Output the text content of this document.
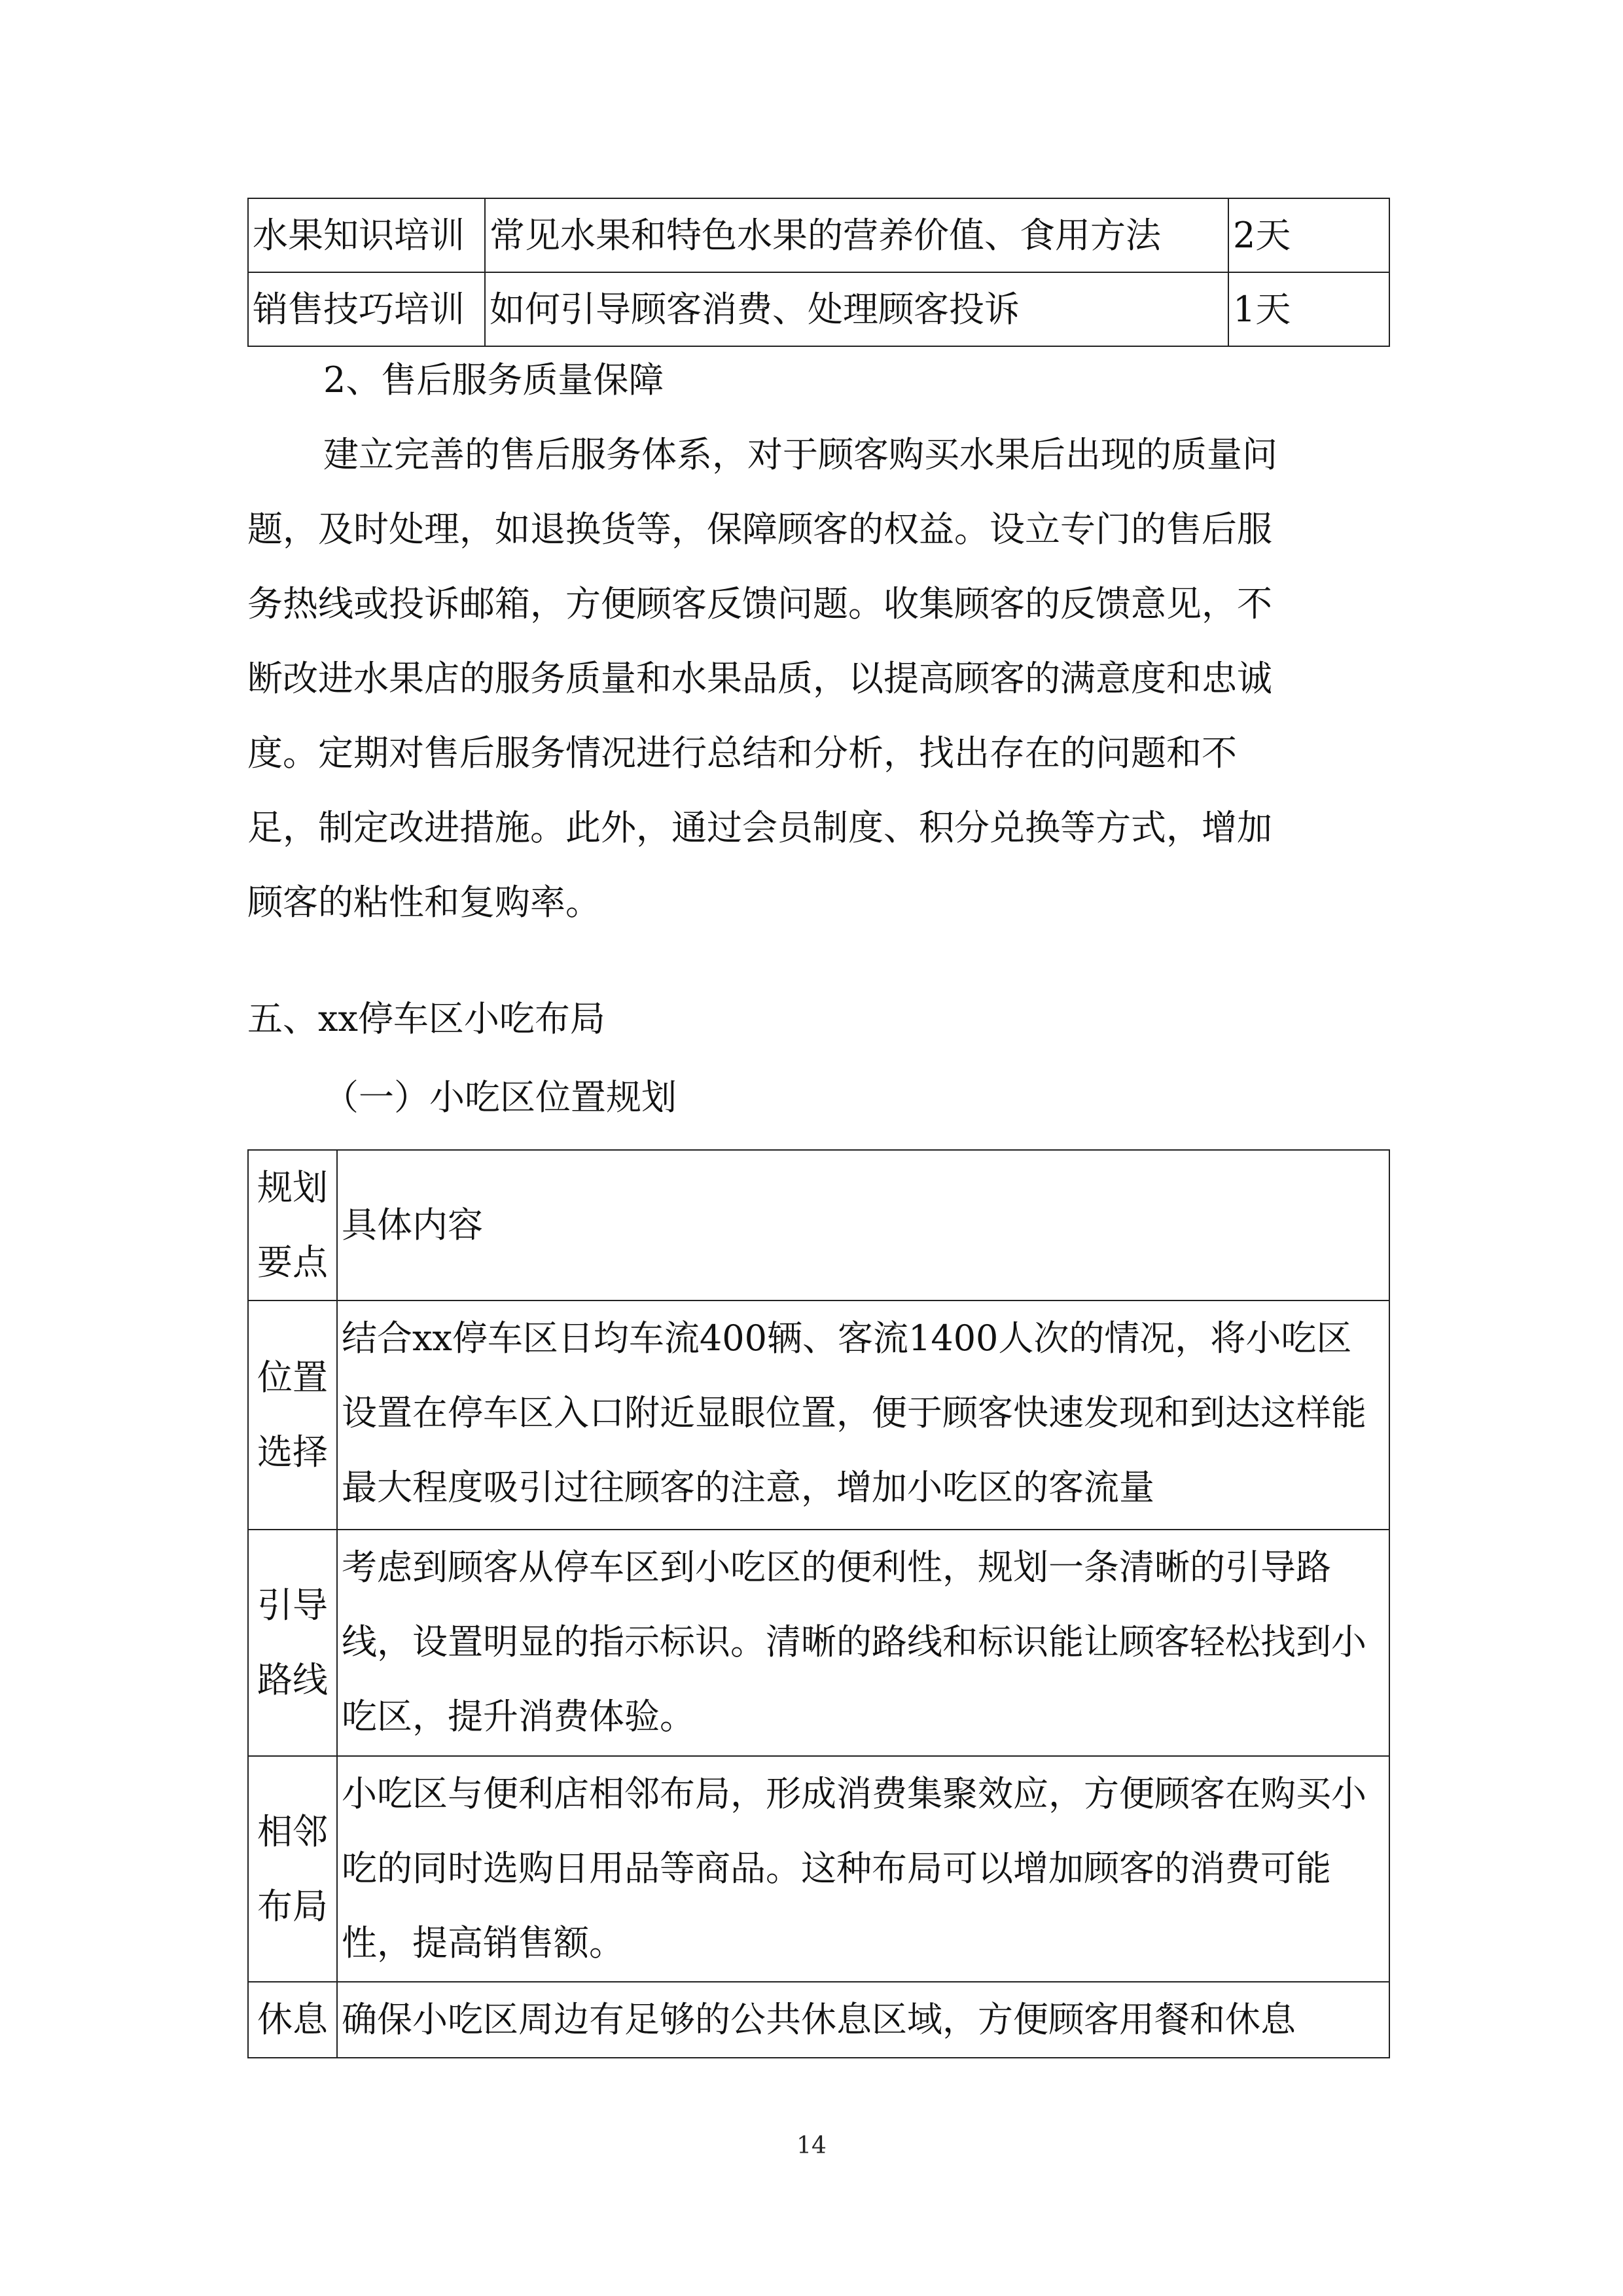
水果知识培训	常见水果和特色水果的营养价值、食用方法	2天
销售技巧培训	如何引导顾客消费、处理顾客投诉	1天
2、售后服务质量保障
建立完善的售后服务体系，对于顾客购买水果后出现的质量问
题，及时处理，如退换货等，保障顾客的权益。设立专门的售后服
务热线或投诉邮箱，方便顾客反馈问题。收集顾客的反馈意见，不
断改进水果店的服务质量和水果品质，以提高顾客的满意度和忠诚
度。定期对售后服务情况进行总结和分析，找出存在的问题和不
足，制定改进措施。此外，通过会员制度、积分兑换等方式，增加
顾客的粘性和复购率。
五、xx停车区小吃布局
（一）小吃区位置规划
规划
要点	具体内容

位置
选择	结合xx停车区日均车流400辆、客流1400人次的情况，将小吃区设置在停车区入口附近显眼位置，便于顾客快速发现和到达这样能最大程度吸引过往顾客的注意，增加小吃区的客流量

引导
路线	考虑到顾客从停车区到小吃区的便利性，规划一条清晰的引导路线，设置明显的指示标识。清晰的路线和标识能让顾客轻松找到小吃区，提升消费体验。

相邻
布局	小吃区与便利店相邻布局，形成消费集聚效应，方便顾客在购买小吃的同时选购日用品等商品。这种布局可以增加顾客的消费可能性，提高销售额。

休息	确保小吃区周边有足够的公共休息区域，方便顾客用餐和休息
14
